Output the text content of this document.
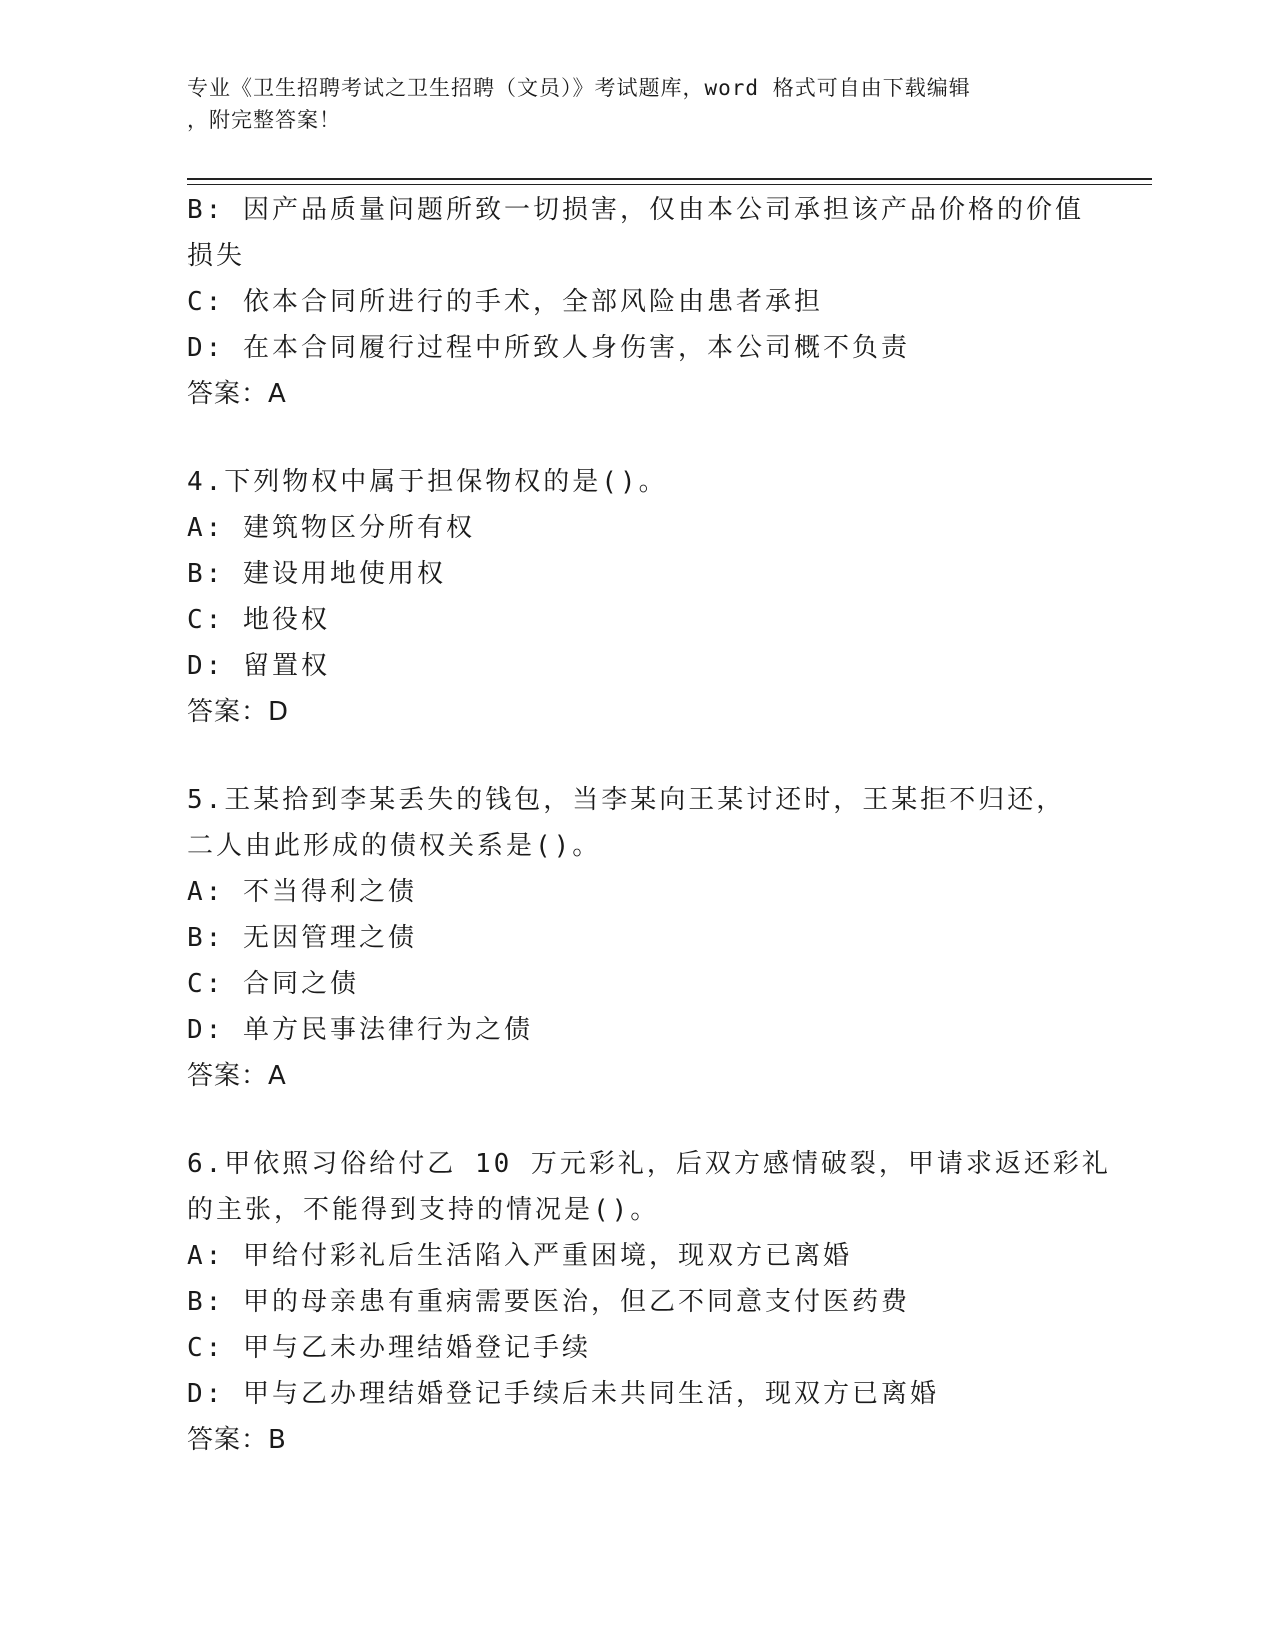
专业《卫生招聘考试之卫生招聘（文员）》考试题库，word 格式可自由下载编辑
，附完整答案！
B: 因产品质量问题所致一切损害，仅由本公司承担该产品价格的价值
损失
C: 依本合同所进行的手术，全部风险由患者承担
D: 在本合同履行过程中所致人身伤害，本公司概不负责
答案：A
4.下列物权中属于担保物权的是()。
A: 建筑物区分所有权
B: 建设用地使用权
C: 地役权
D: 留置权
答案：D
5.王某拾到李某丢失的钱包，当李某向王某讨还时，王某拒不归还，
二人由此形成的债权关系是()。
A: 不当得利之债
B: 无因管理之债
C: 合同之债
D: 单方民事法律行为之债
答案：A
6.甲依照习俗给付乙 10 万元彩礼，后双方感情破裂，甲请求返还彩礼
的主张，不能得到支持的情况是()。
A: 甲给付彩礼后生活陷入严重困境，现双方已离婚
B: 甲的母亲患有重病需要医治，但乙不同意支付医药费
C: 甲与乙未办理结婚登记手续
D: 甲与乙办理结婚登记手续后未共同生活，现双方已离婚
答案：B
